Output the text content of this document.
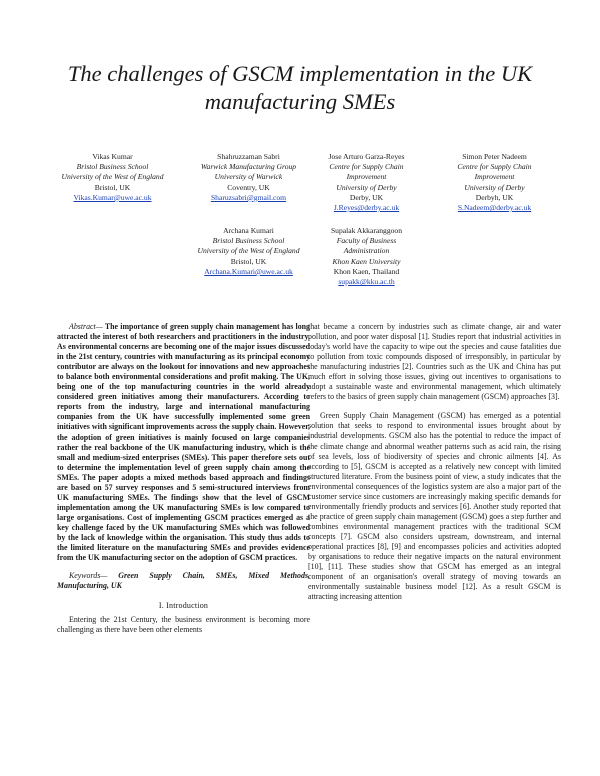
The challenges of GSCM implementation in the UK
manufacturing SMEs
Vikas Kumar
Bristol Business School
University of the West of England
Bristol, UK
Vikas.Kumar@uwe.ac.uk
Shahruzzaman Sabri
Warwick Manufacturing Group
University of Warwick
Coventry, UK
Sharuzsabri@gmail.com
Jose Arturo Garza-Reyes
Centre for Supply Chain
Improvement
University of Derby
Derby, UK
J.Reyes@derby.ac.uk
Simon Peter Nadeem
Centre for Supply Chain
Improvement
University of Derby
Derbyh, UK
S.Nadeem@derby.ac.uk
Archana Kumari
Bristol Business School
University of the West of England
Bristol, UK
Archana.Kumari@uwe.ac.uk
Supalak Akkaranggoon
Faculty of Business
Administration
Khon Kaen University
Khon Kaen, Thailand
supakk@kku.ac.th

Abstract— The importance of green supply chain management has long attracted the interest of both researchers and practitioners in the industry. As environmental concerns are becoming one of the major issues discussed in the 21st century, countries with manufacturing as its principal economy contributor are always on the lookout for innovations and new approaches to balance both environmental considerations and profit making. The UK, being one of the top manufacturing countries in the world already considered green initiatives among their manufacturers. According to reports from the industry, large and international manufacturing companies from the UK have successfully implemented some green initiatives with significant improvements across the supply chain. However, the adoption of green initiatives is mainly focused on large companies rather the real backbone of the UK manufacturing industry, which is the small and medium-sized enterprises (SMEs). This paper therefore sets out to determine the implementation level of green supply chain among the SMEs. The paper adopts a mixed methods based approach and findings are based on 57 survey responses and 5 semi-structured interviews from UK manufacturing SMEs. The findings show that the level of GSCM implementation among the UK manufacturing SMEs is low compared to large organisations. Cost of implementing GSCM practices emerged as a key challenge faced by the UK manufacturing SMEs which was followed by the lack of knowledge within the organisation. This study thus adds to the limited literature on the manufacturing SMEs and provides evidence from the UK manufacturing sector on the adoption of GSCM practices.

Keywords— Green Supply Chain, SMEs, Mixed Methods, Manufacturing, UK

I. Introduction

Entering the 21st Century, the business environment is becoming more challenging as there have been other elements

that became a concern by industries such as climate change, air and water pollution, and poor water disposal [1]. Studies report that industrial activities in today's world have the capacity to wipe out the species and cause fatalities due to pollution from toxic compounds disposed of irresponsibly, in particular by the manufacturing industries [2]. Countries such as the UK and China has put much effort in solving those issues, giving out incentives to organisations to adopt a sustainable waste and environmental management, which ultimately refers to the basics of green supply chain management (GSCM) approaches [3].

Green Supply Chain Management (GSCM) has emerged as a potential solution that seeks to respond to environmental issues brought about by industrial developments. GSCM also has the potential to reduce the impact of the climate change and abnormal weather patterns such as acid rain, the rising of sea levels, loss of biodiversity of species and chronic ailments [4]. As according to [5], GSCM is accepted as a relatively new concept with limited structured literature. From the business point of view, a study indicates that the environmental consequences of the logistics system are also a major part of the customer service since customers are increasingly making specific demands for environmentally friendly products and services [6]. Another study reported that the practice of green supply chain management (GSCM) goes a step further and combines environmental management practices with the traditional SCM concepts [7]. GSCM also considers upstream, downstream, and internal operational practices [8], [9] and encompasses policies and activities adopted by organisations to reduce their negative impacts on the natural environment [10], [11]. These studies show that GSCM has emerged as an integral component of an organisation's overall strategy of moving towards an environmentally sustainable business model [12]. As a result GSCM is attracting increasing attention
